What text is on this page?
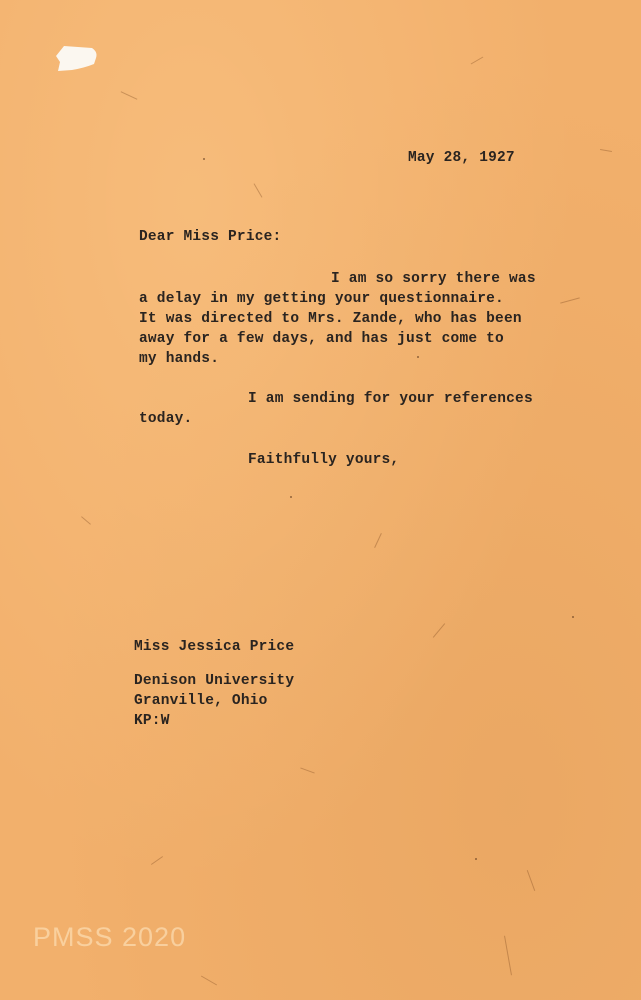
May 28, 1927
Dear Miss Price:
I am so sorry there was
a delay in my getting your questionnaire.
It was directed to Mrs. Zande, who has been
away for a few days, and has just come to
my hands.
I am sending for your references
today.
Faithfully yours,
Miss Jessica Price
Denison University
Granville, Ohio
KP:W
PMSS 2020
